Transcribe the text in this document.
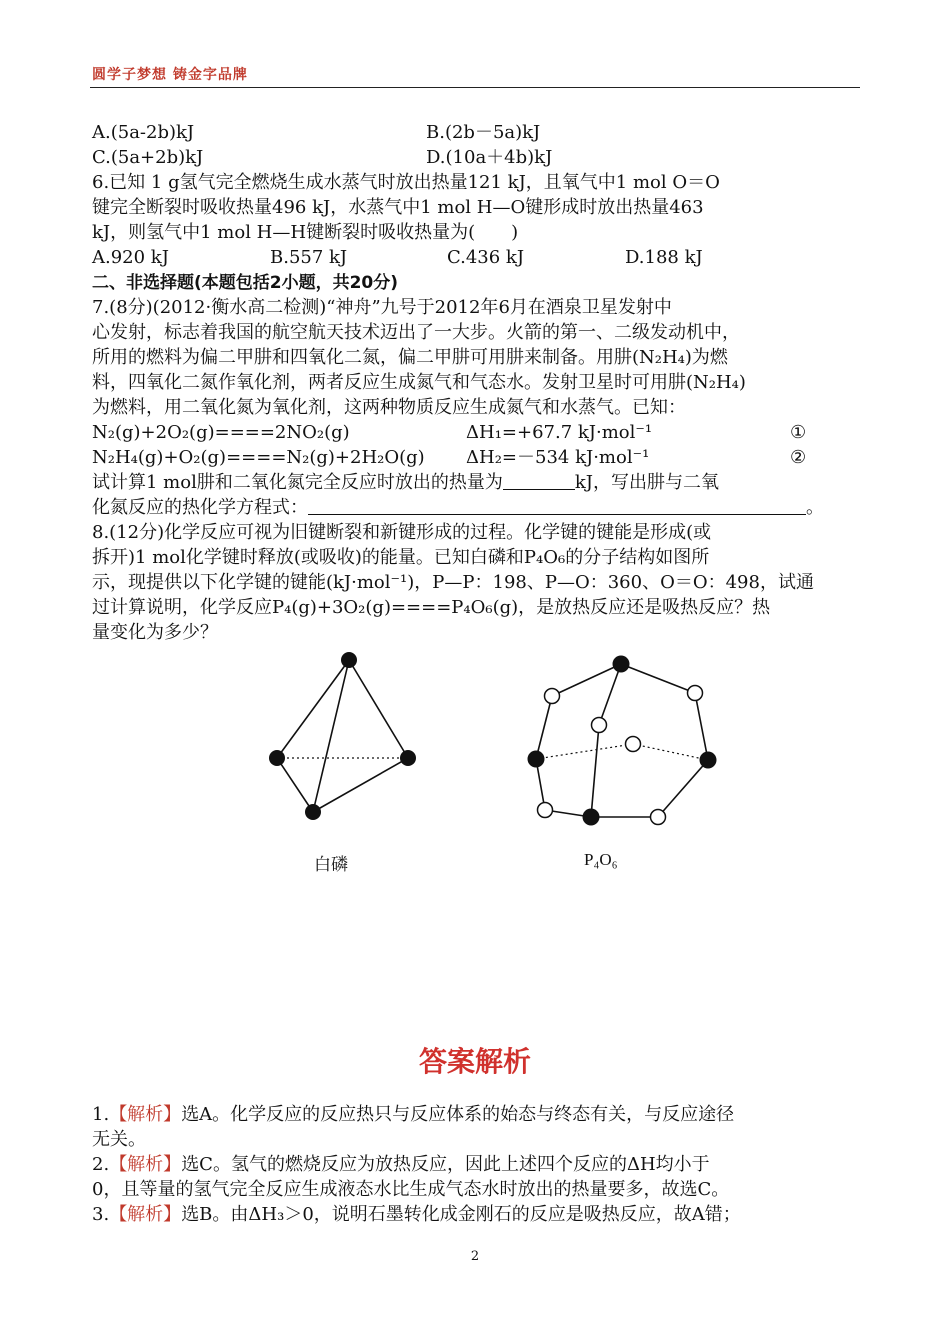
圆学子梦想 铸金字品牌
A.(5a-2b)kJ	B.(2b－5a)kJ
C.(5a+2b)kJ	D.(10a＋4b)kJ
6.已知 1 g氢气完全燃烧生成水蒸气时放出热量121 kJ，且氧气中1 mol O＝O
键完全断裂时吸收热量496 kJ，水蒸气中1 mol H—O键形成时放出热量463
kJ，则氢气中1 mol H—H键断裂时吸收热量为(　　)
A.920 kJ	B.557 kJ	C.436 kJ	D.188 kJ
二、非选择题(本题包括2小题，共20分)
7.(8分)(2012·衡水高二检测)“神舟”九号于2012年6月在酒泉卫星发射中
心发射，标志着我国的航空航天技术迈出了一大步。火箭的第一、二级发动机中，
所用的燃料为偏二甲肼和四氧化二氮，偏二甲肼可用肼来制备。用肼(N₂H₄)为燃
料，四氧化二氮作氧化剂，两者反应生成氮气和气态水。发射卫星时可用肼(N₂H₄)
为燃料，用二氧化氮为氧化剂，这两种物质反应生成氮气和水蒸气。已知：
N₂(g)+2O₂(g)====2NO₂(g)	ΔH₁=+67.7 kJ·mol⁻¹	①
N₂H₄(g)+O₂(g)====N₂(g)+2H₂O(g) ΔH₂=－534 kJ·mol⁻¹	②
试计算1 mol肼和二氧化氮完全反应时放出的热量为	kJ，写出肼与二氧
化氮反应的热化学方程式：	。
8.(12分)化学反应可视为旧键断裂和新键形成的过程。化学键的键能是形成(或
拆开)1 mol化学键时释放(或吸收)的能量。已知白磷和P₄O₆的分子结构如图所
示，现提供以下化学键的键能(kJ·mol⁻¹)，P—P：198、P—O：360、O＝O：498，试通
过计算说明，化学反应P₄(g)+3O₂(g)====P₄O₆(g)，是放热反应还是吸热反应？热
量变化为多少？
白磷	P₄O₆
答案解析
1.【解析】选A。化学反应的反应热只与反应体系的始态与终态有关，与反应途径
无关。
2.【解析】选C。氢气的燃烧反应为放热反应，因此上述四个反应的ΔH均小于
0，且等量的氢气完全反应生成液态水比生成气态水时放出的热量要多，故选C。
3.【解析】选B。由ΔH₃＞0，说明石墨转化成金刚石的反应是吸热反应，故A错；
2
